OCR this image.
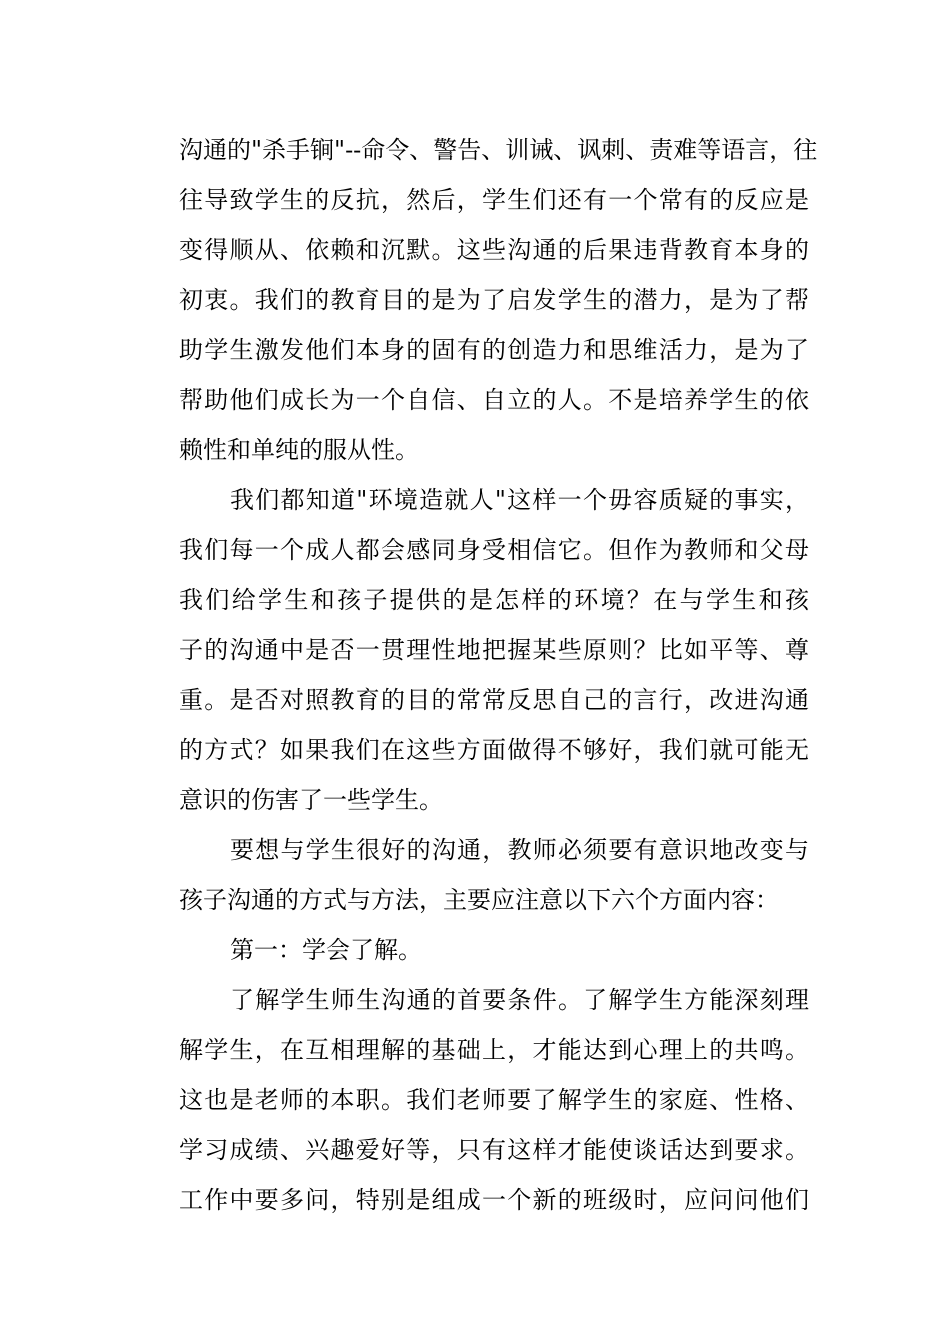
沟通的"杀手锏"--命令、警告、训诫、讽刺、责难等语言，往
往导致学生的反抗，然后，学生们还有一个常有的反应是
变得顺从、依赖和沉默。这些沟通的后果违背教育本身的
初衷。我们的教育目的是为了启发学生的潜力，是为了帮
助学生激发他们本身的固有的创造力和思维活力，是为了
帮助他们成长为一个自信、自立的人。不是培养学生的依
赖性和单纯的服从性。
我们都知道"环境造就人"这样一个毋容质疑的事实，
我们每一个成人都会感同身受相信它。但作为教师和父母
我们给学生和孩子提供的是怎样的环境？在与学生和孩
子的沟通中是否一贯理性地把握某些原则？比如平等、尊
重。是否对照教育的目的常常反思自己的言行，改进沟通
的方式？如果我们在这些方面做得不够好，我们就可能无
意识的伤害了一些学生。
要想与学生很好的沟通，教师必须要有意识地改变与
孩子沟通的方式与方法，主要应注意以下六个方面内容：
第一：学会了解。
了解学生师生沟通的首要条件。了解学生方能深刻理
解学生，在互相理解的基础上，才能达到心理上的共鸣。
这也是老师的本职。我们老师要了解学生的家庭、性格、
学习成绩、兴趣爱好等，只有这样才能使谈话达到要求。
工作中要多问，特别是组成一个新的班级时，应问问他们
